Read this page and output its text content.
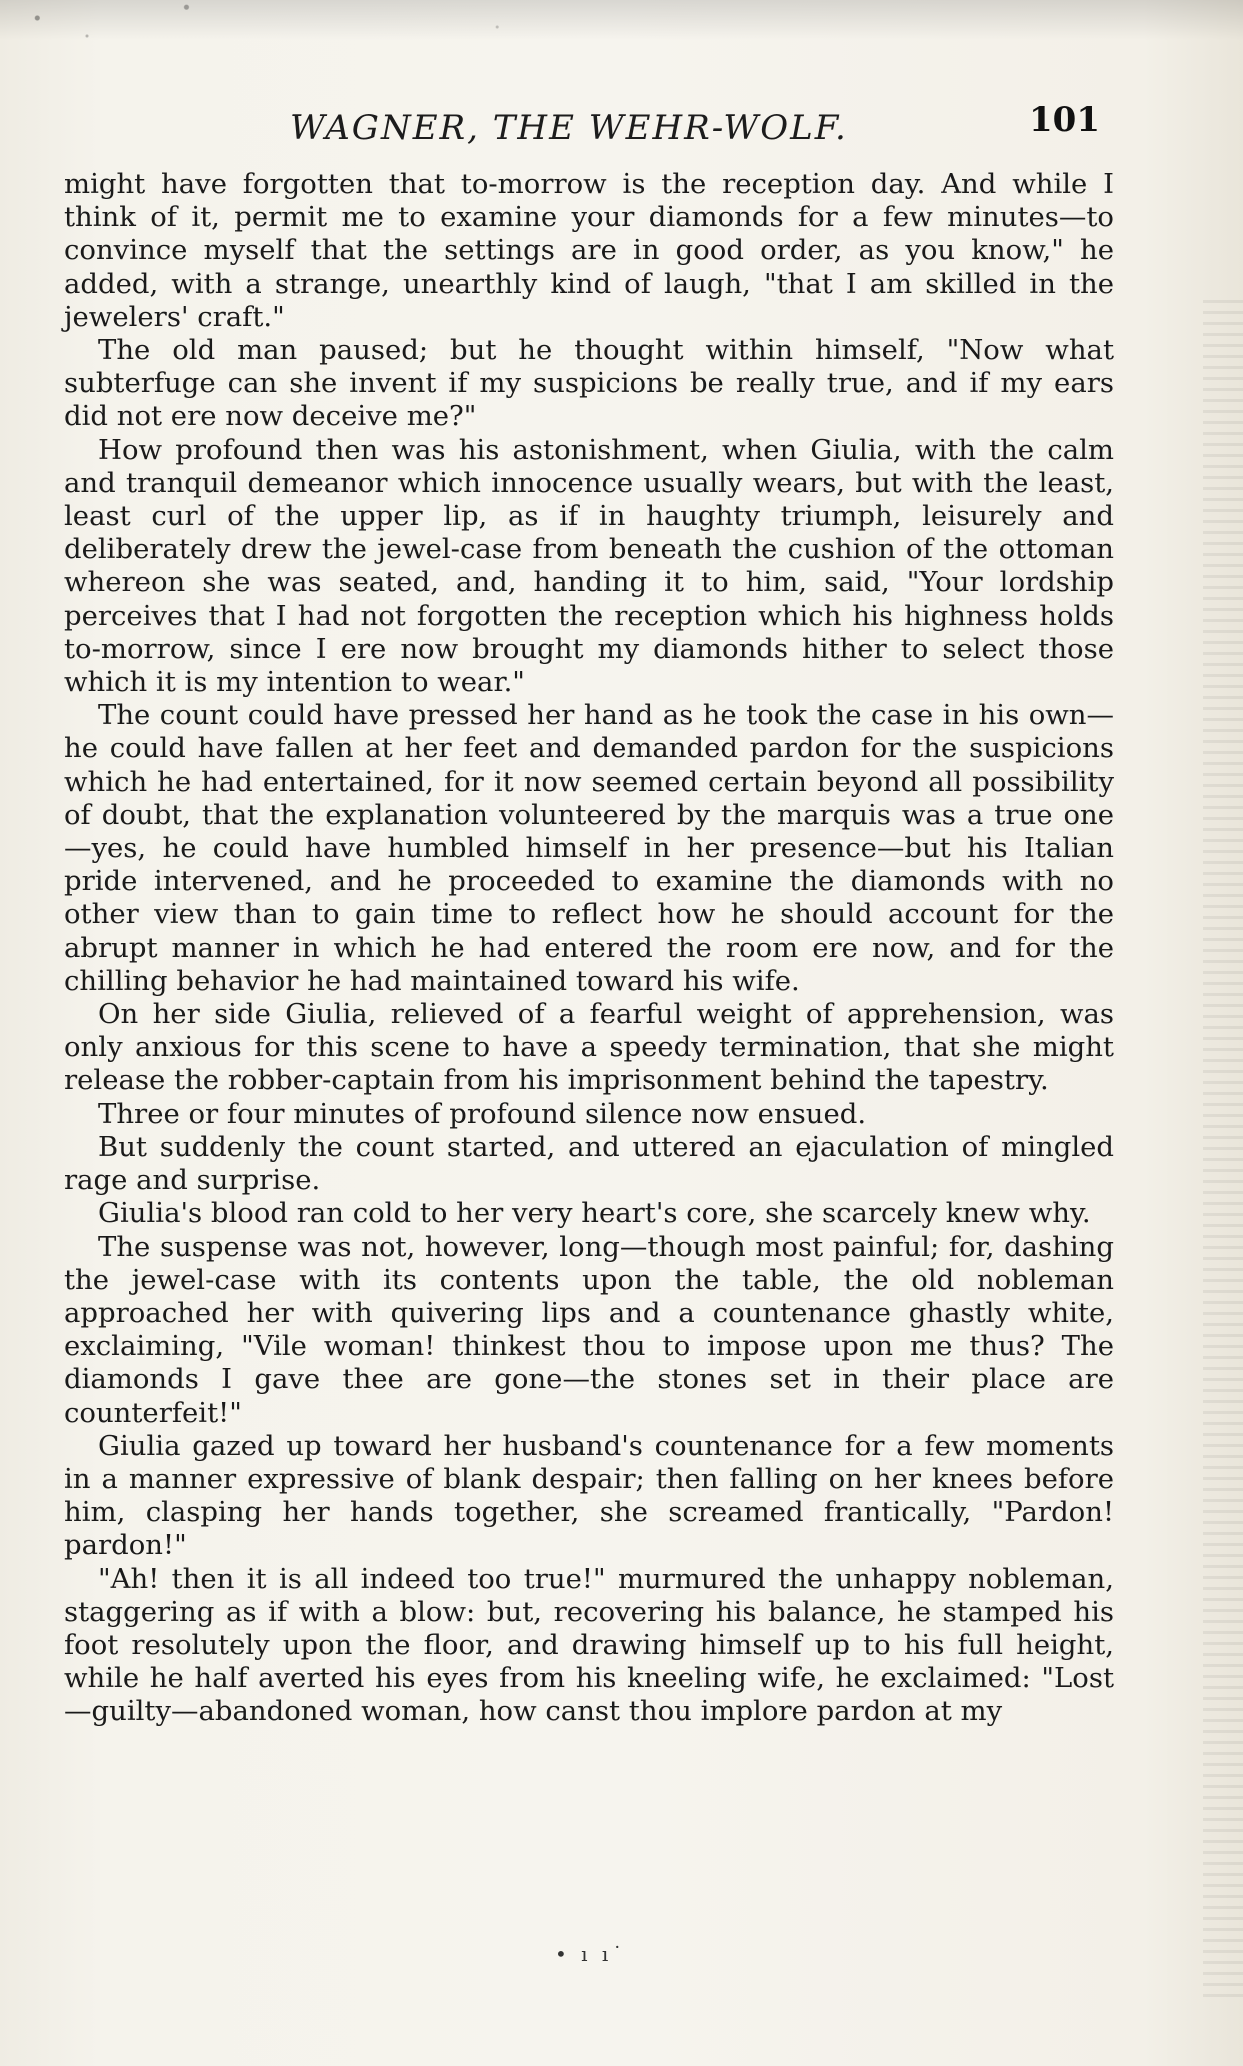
WAGNER, THE WEHR-WOLF.	101

might have forgotten that to-morrow is the reception day. And while I think of it, permit me to examine your diamonds for a few minutes—to convince myself that the settings are in good order, as you know," he added, with a strange, unearthly kind of laugh, "that I am skilled in the jewelers' craft."

The old man paused; but he thought within himself, "Now what subterfuge can she invent if my suspicions be really true, and if my ears did not ere now deceive me?"

How profound then was his astonishment, when Giulia, with the calm and tranquil demeanor which innocence usually wears, but with the least, least curl of the upper lip, as if in haughty triumph, leisurely and deliberately drew the jewel-case from beneath the cushion of the ottoman whereon she was seated, and, handing it to him, said, "Your lordship perceives that I had not forgotten the reception which his highness holds to-morrow, since I ere now brought my diamonds hither to select those which it is my intention to wear."

The count could have pressed her hand as he took the case in his own—he could have fallen at her feet and demanded pardon for the suspicions which he had entertained, for it now seemed certain beyond all possibility of doubt, that the explanation volunteered by the marquis was a true one—yes, he could have humbled himself in her presence—but his Italian pride intervened, and he proceeded to examine the diamonds with no other view than to gain time to reflect how he should account for the abrupt manner in which he had entered the room ere now, and for the chilling behavior he had maintained toward his wife.

On her side Giulia, relieved of a fearful weight of apprehension, was only anxious for this scene to have a speedy termination, that she might release the robber-captain from his imprisonment behind the tapestry.

Three or four minutes of profound silence now ensued.

But suddenly the count started, and uttered an ejaculation of mingled rage and surprise.

Giulia's blood ran cold to her very heart's core, she scarcely knew why.

The suspense was not, however, long—though most painful; for, dashing the jewel-case with its contents upon the table, the old nobleman approached her with quivering lips and a countenance ghastly white, exclaiming, "Vile woman! thinkest thou to impose upon me thus? The diamonds I gave thee are gone—the stones set in their place are counterfeit!"

Giulia gazed up toward her husband's countenance for a few moments in a manner expressive of blank despair; then falling on her knees before him, clasping her hands together, she screamed frantically, "Pardon! pardon!"

"Ah! then it is all indeed too true!" murmured the unhappy nobleman, staggering as if with a blow: but, recovering his balance, he stamped his foot resolutely upon the floor, and drawing himself up to his full height, while he half averted his eyes from his kneeling wife, he exclaimed: "Lost—guilty—abandoned woman, how canst thou implore pardon at my

• ı ı˙
